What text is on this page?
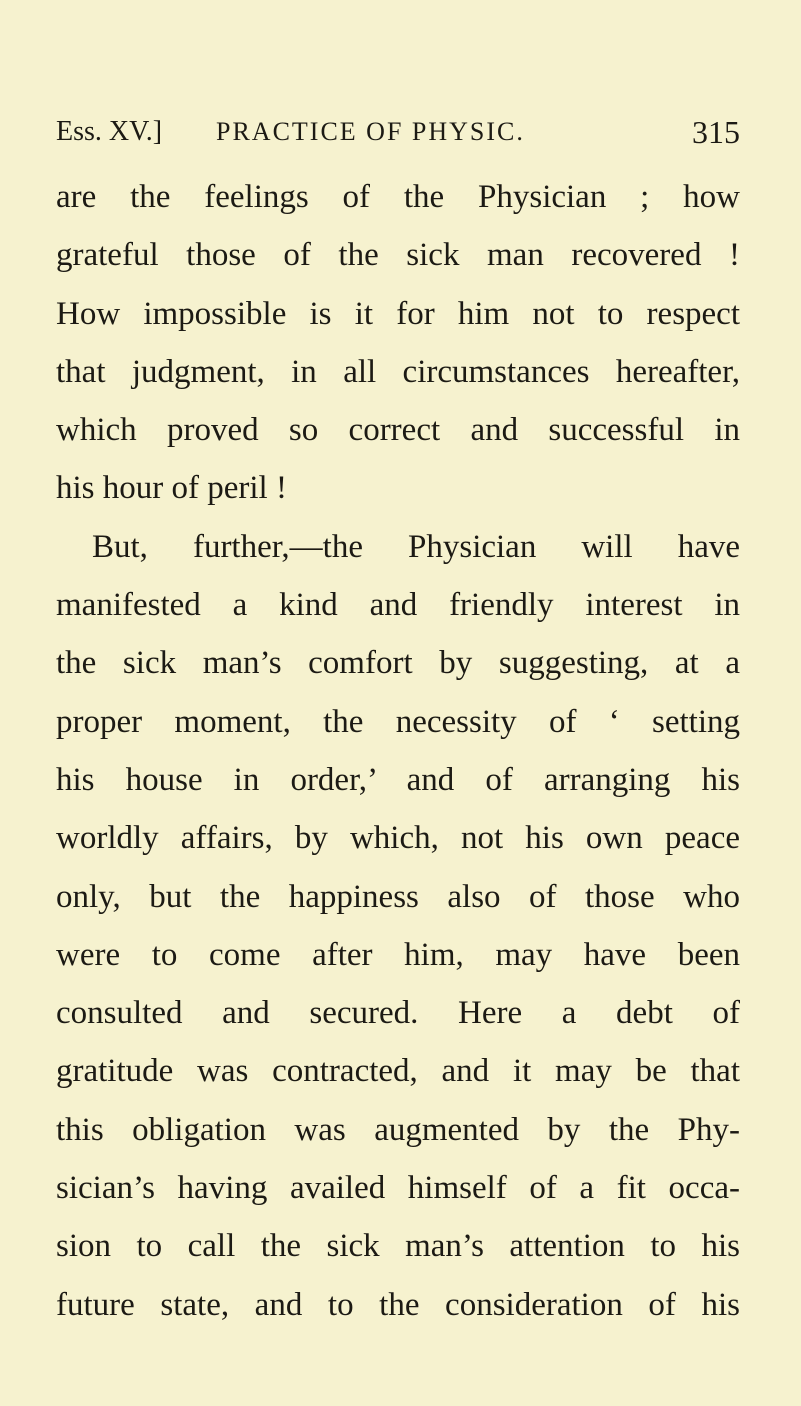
Ess. XV.] PRACTICE OF PHYSIC.	315
are the feelings of the Physician ; how
grateful those of the sick man recovered !
How impossible is it for him not to respect
that judgment, in all circumstances hereafter,
which proved so correct and successful in
his hour of peril !
But, further,—the Physician will have
manifested a kind and friendly interest in
the sick man’s comfort by suggesting, at a
proper moment, the necessity of ‘ setting
his house in order,’ and of arranging his
worldly affairs, by which, not his own peace
only, but the happiness also of those who
were to come after him, may have been
consulted and secured. Here a debt of
gratitude was contracted, and it may be that
this obligation was augmented by the Phy-
sician’s having availed himself of a fit occa-
sion to call the sick man’s attention to his
future state, and to the consideration of his
